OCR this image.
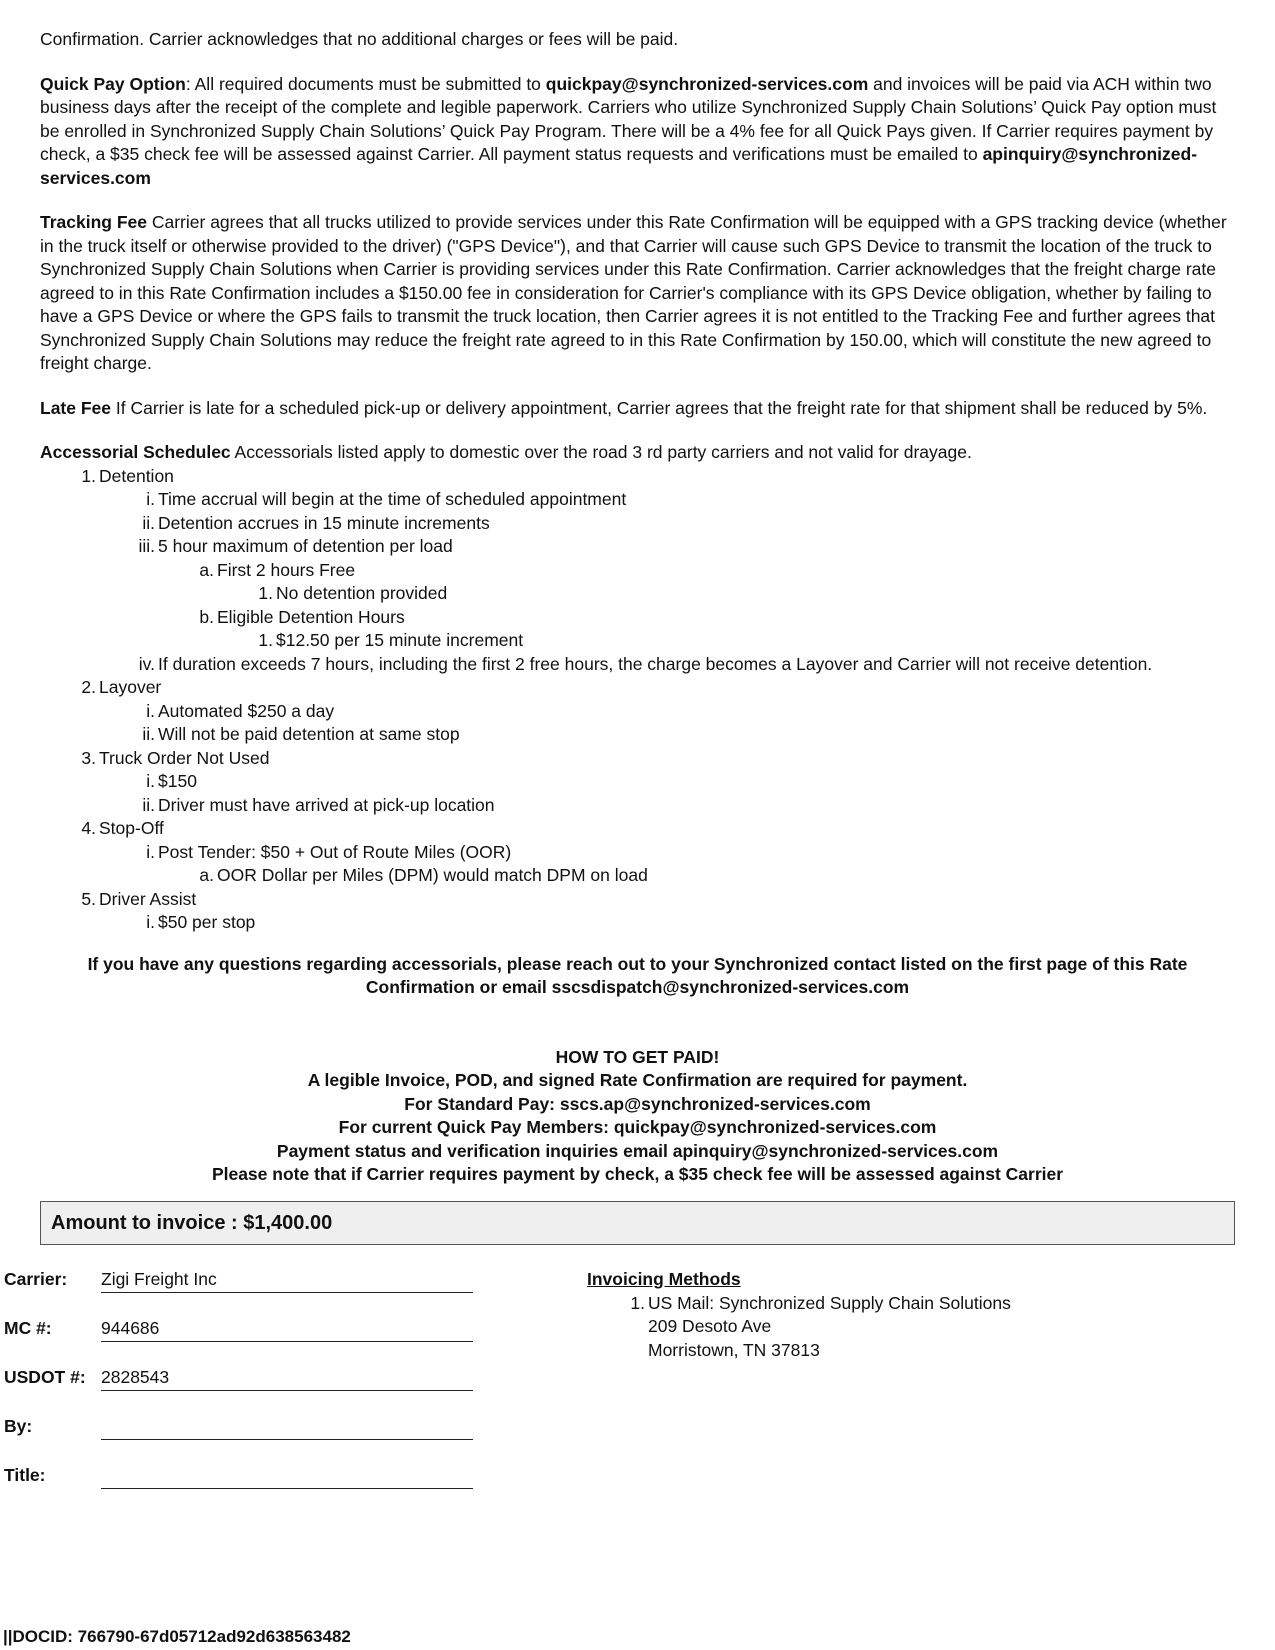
Confirmation. Carrier acknowledges that no additional charges or fees will be paid.

Quick Pay Option: All required documents must be submitted to quickpay@synchronized-services.com and invoices will be paid via ACH within two business days after the receipt of the complete and legible paperwork. Carriers who utilize Synchronized Supply Chain Solutions’ Quick Pay option must be enrolled in Synchronized Supply Chain Solutions’ Quick Pay Program. There will be a 4% fee for all Quick Pays given. If Carrier requires payment by check, a $35 check fee will be assessed against Carrier. All payment status requests and verifications must be emailed to apinquiry@synchronized-services.com

Tracking Fee Carrier agrees that all trucks utilized to provide services under this Rate Confirmation will be equipped with a GPS tracking device (whether in the truck itself or otherwise provided to the driver) ("GPS Device"), and that Carrier will cause such GPS Device to transmit the location of the truck to Synchronized Supply Chain Solutions when Carrier is providing services under this Rate Confirmation. Carrier acknowledges that the freight charge rate agreed to in this Rate Confirmation includes a $150.00 fee in consideration for Carrier's compliance with its GPS Device obligation, whether by failing to have a GPS Device or where the GPS fails to transmit the truck location, then Carrier agrees it is not entitled to the Tracking Fee and further agrees that Synchronized Supply Chain Solutions may reduce the freight rate agreed to in this Rate Confirmation by 150.00, which will constitute the new agreed to freight charge.

Late Fee If Carrier is late for a scheduled pick-up or delivery appointment, Carrier agrees that the freight rate for that shipment shall be reduced by 5%.

Accessorial Schedulec Accessorials listed apply to domestic over the road 3 rd party carriers and not valid for drayage.

1. Detention
i. Time accrual will begin at the time of scheduled appointment
ii. Detention accrues in 15 minute increments
iii. 5 hour maximum of detention per load
a. First 2 hours Free
1. No detention provided
b. Eligible Detention Hours
1. $12.50 per 15 minute increment
iv. If duration exceeds 7 hours, including the first 2 free hours, the charge becomes a Layover and Carrier will not receive detention.
2. Layover
i. Automated $250 a day
ii. Will not be paid detention at same stop
3. Truck Order Not Used
i. $150
ii. Driver must have arrived at pick-up location
4. Stop-Off
i. Post Tender: $50 + Out of Route Miles (OOR)
a. OOR Dollar per Miles (DPM) would match DPM on load
5. Driver Assist
i. $50 per stop

If you have any questions regarding accessorials, please reach out to your Synchronized contact listed on the first page of this Rate Confirmation or email sscsdispatch@synchronized-services.com

HOW TO GET PAID!
A legible Invoice, POD, and signed Rate Confirmation are required for payment.
For Standard Pay: sscs.ap@synchronized-services.com
For current Quick Pay Members: quickpay@synchronized-services.com
Payment status and verification inquiries email apinquiry@synchronized-services.com
Please note that if Carrier requires payment by check, a $35 check fee will be assessed against Carrier
Amount to invoice : $1,400.00
Carrier: Zigi Freight Inc
MC #:	944686
USDOT #: 2828543
By:
Title:
Invoicing Methods
1. US Mail: Synchronized Supply Chain Solutions
209 Desoto Ave
Morristown, TN 37813
||DOCID: 766790-67d05712ad92d638563482
